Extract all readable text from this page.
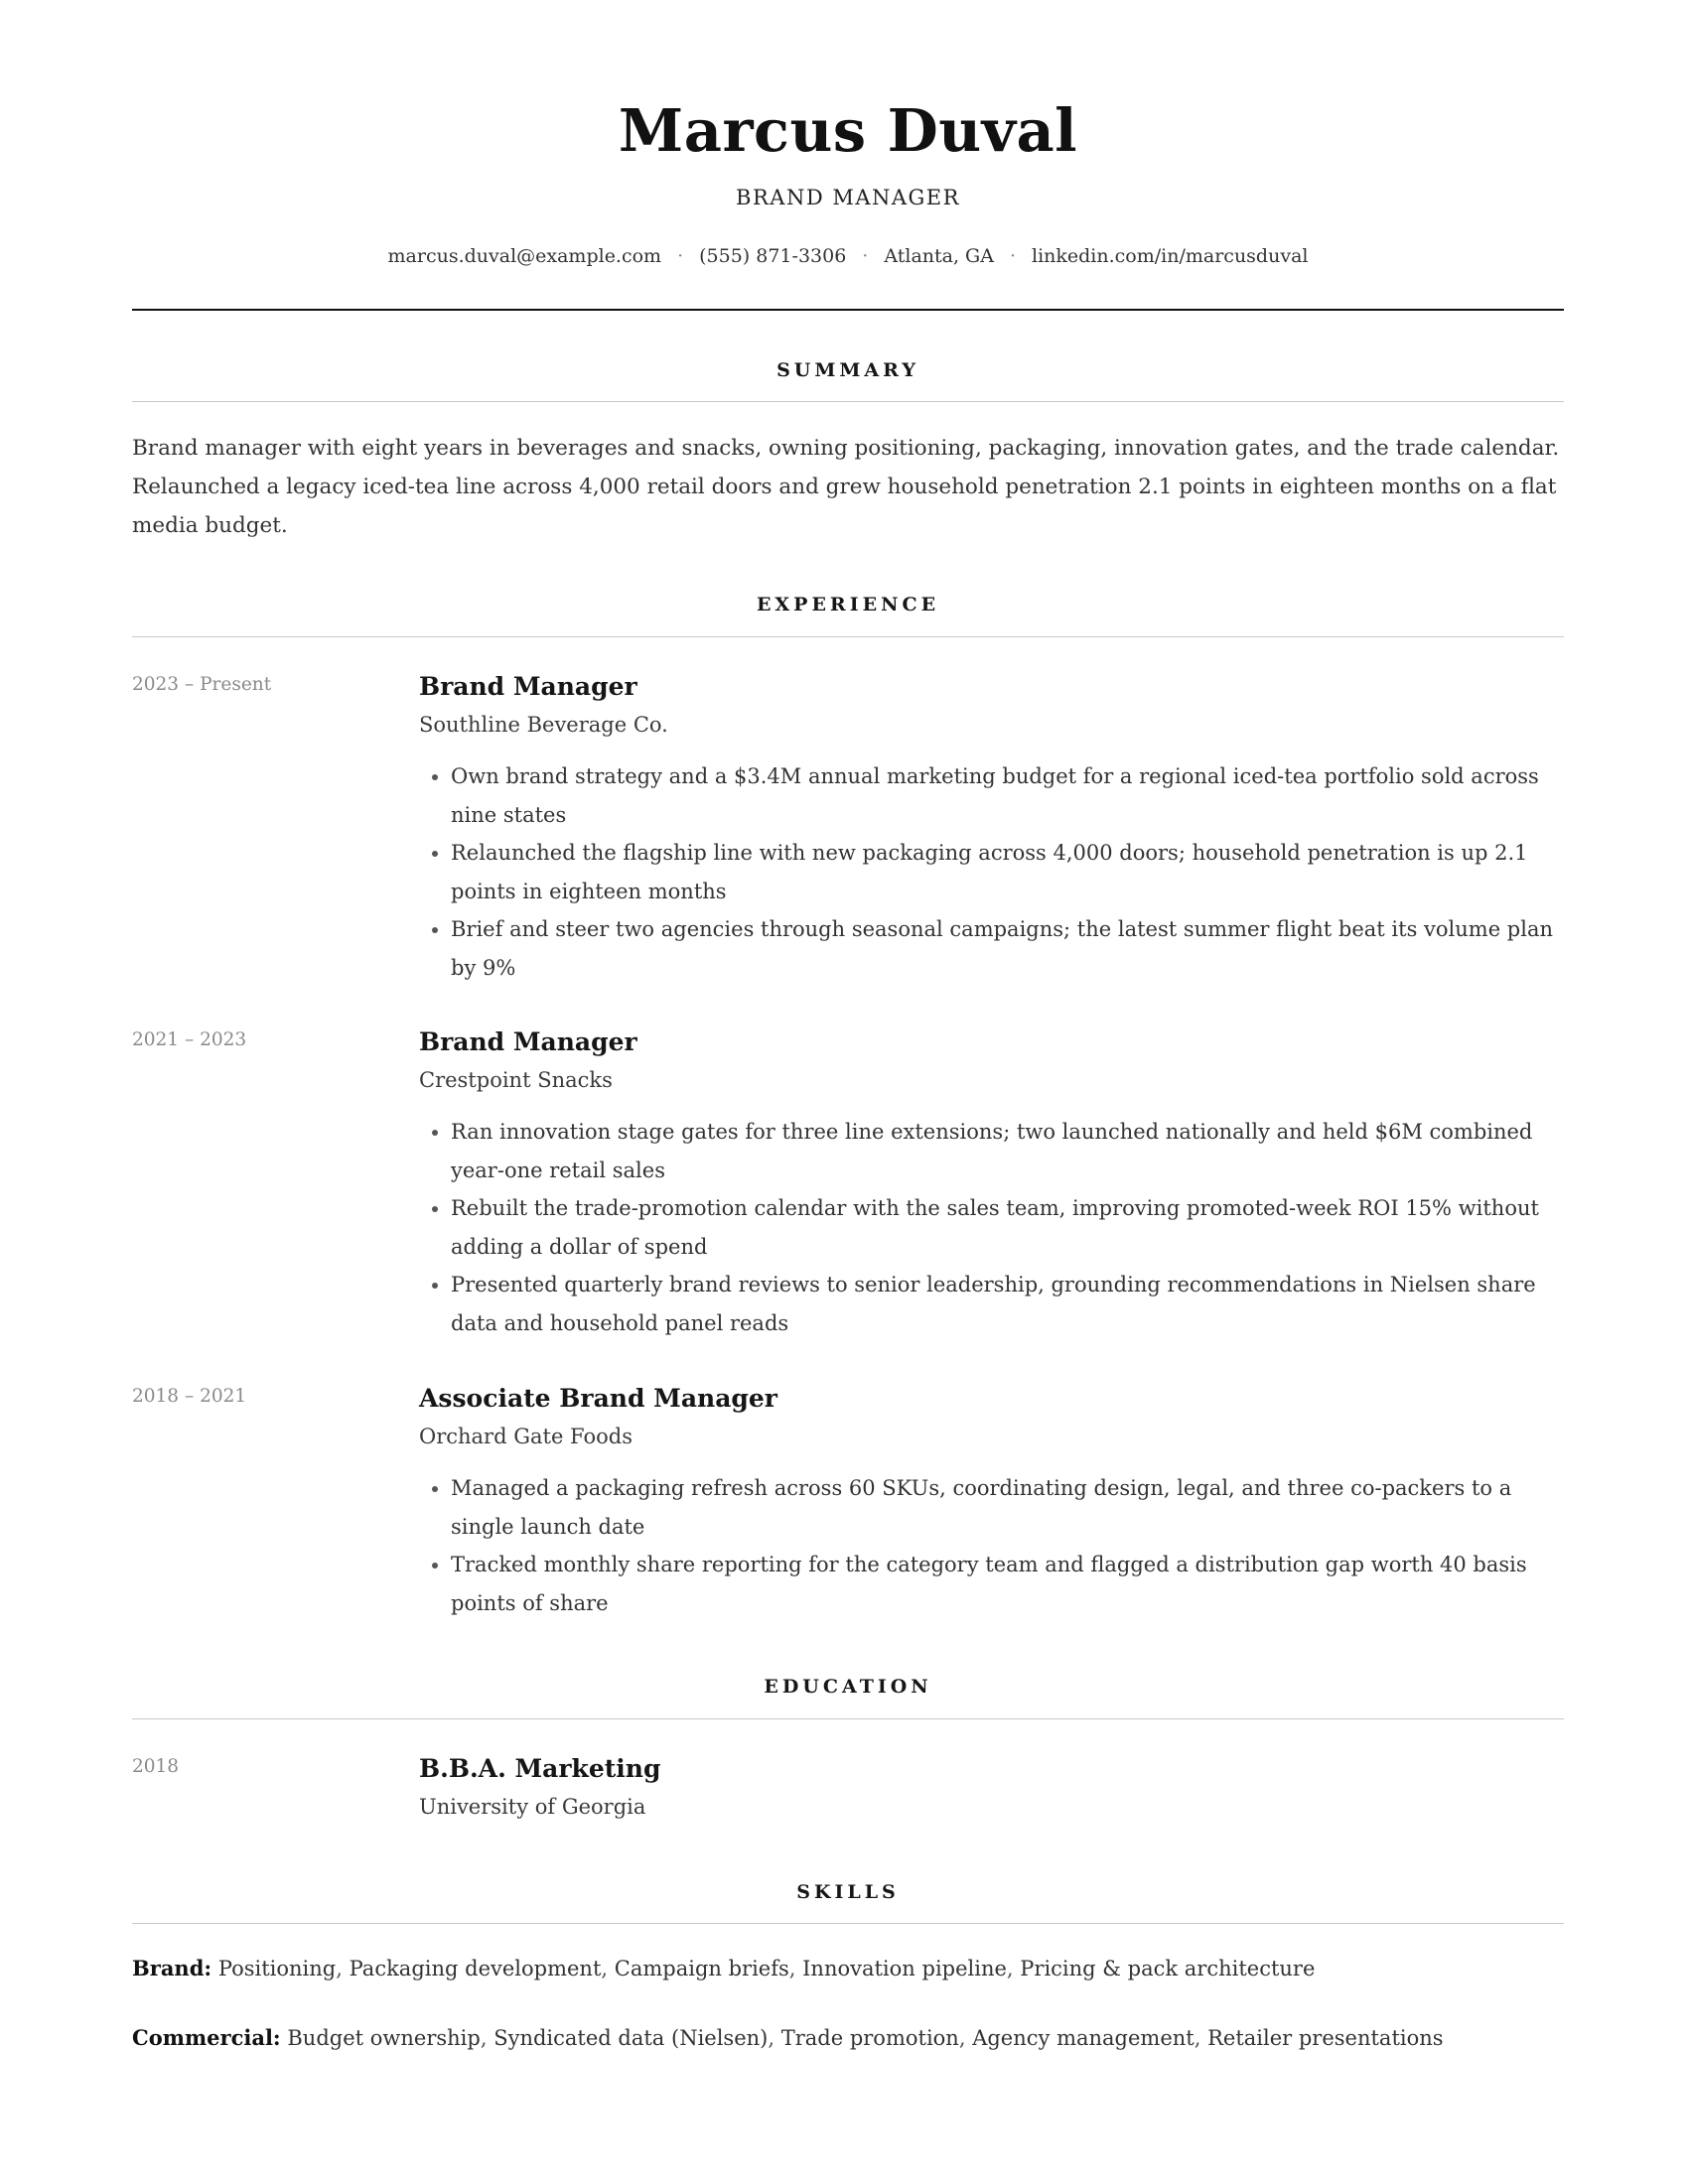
Marcus Duval
BRAND MANAGER
marcus.duval@example.com · (555) 871-3306 · Atlanta, GA · linkedin.com/in/marcusduval
SUMMARY
Brand manager with eight years in beverages and snacks, owning positioning, packaging, innovation gates, and the trade calendar. Relaunched a legacy iced-tea line across 4,000 retail doors and grew household penetration 2.1 points in eighteen months on a flat media budget.
EXPERIENCE
2023 – Present	Brand Manager
Southline Beverage Co.
• Own brand strategy and a $3.4M annual marketing budget for a regional iced-tea portfolio sold across nine states
• Relaunched the flagship line with new packaging across 4,000 doors; household penetration is up 2.1 points in eighteen months
• Brief and steer two agencies through seasonal campaigns; the latest summer flight beat its volume plan by 9%
2021 – 2023	Brand Manager
Crestpoint Snacks
• Ran innovation stage gates for three line extensions; two launched nationally and held $6M combined year-one retail sales
• Rebuilt the trade-promotion calendar with the sales team, improving promoted-week ROI 15% without adding a dollar of spend
• Presented quarterly brand reviews to senior leadership, grounding recommendations in Nielsen share data and household panel reads
2018 – 2021	Associate Brand Manager
Orchard Gate Foods
• Managed a packaging refresh across 60 SKUs, coordinating design, legal, and three co-packers to a single launch date
• Tracked monthly share reporting for the category team and flagged a distribution gap worth 40 basis points of share
EDUCATION
2018	B.B.A. Marketing
University of Georgia
SKILLS
Brand: Positioning, Packaging development, Campaign briefs, Innovation pipeline, Pricing & pack architecture
Commercial: Budget ownership, Syndicated data (Nielsen), Trade promotion, Agency management, Retailer presentations
